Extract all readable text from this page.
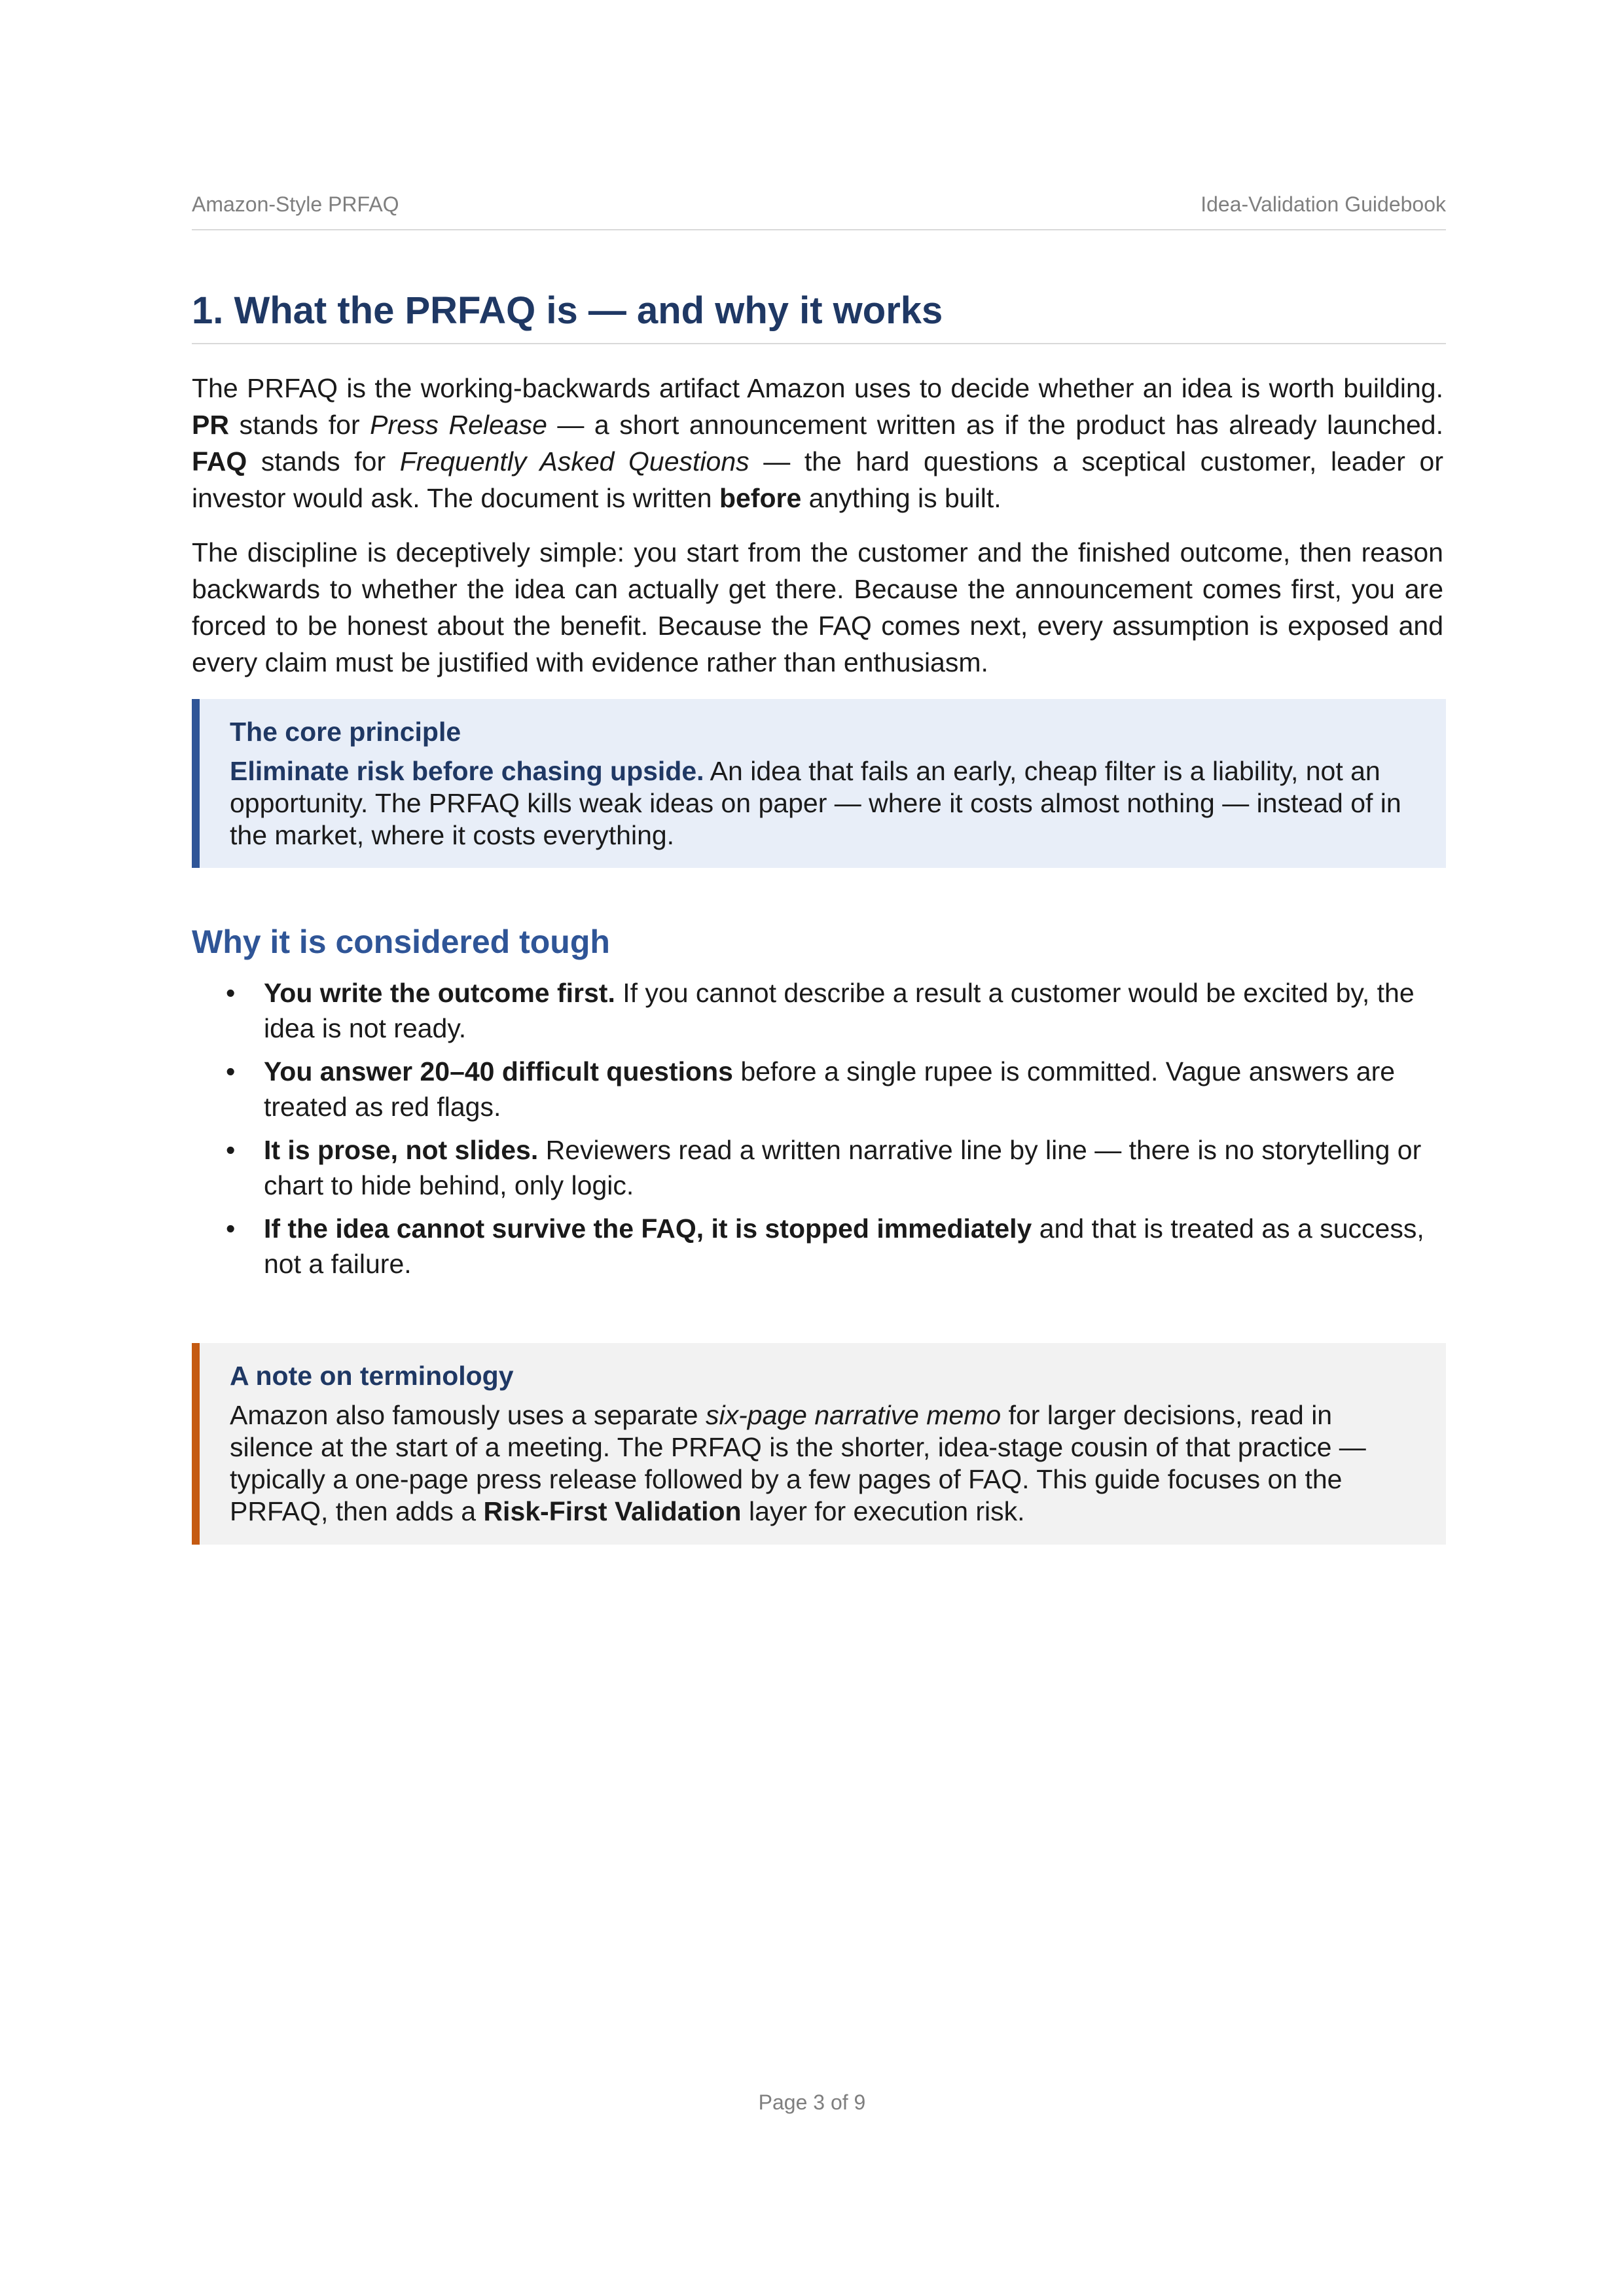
Amazon-Style PRFAQ	Idea-Validation Guidebook
1. What the PRFAQ is — and why it works

The PRFAQ is the working-backwards artifact Amazon uses to decide whether an idea is worth building. PR stands for Press Release — a short announcement written as if the product has already launched. FAQ stands for Frequently Asked Questions — the hard questions a sceptical customer, leader or investor would ask. The document is written before anything is built.

The discipline is deceptively simple: you start from the customer and the finished outcome, then reason backwards to whether the idea can actually get there. Because the announcement comes first, you are forced to be honest about the benefit. Because the FAQ comes next, every assumption is exposed and every claim must be justified with evidence rather than enthusiasm.

The core principle
Eliminate risk before chasing upside. An idea that fails an early, cheap filter is a liability, not an opportunity. The PRFAQ kills weak ideas on paper — where it costs almost nothing — instead of in the market, where it costs everything.
Why it is considered tough
• You write the outcome first. If you cannot describe a result a customer would be excited by, the idea is not ready.
• You answer 20–40 difficult questions before a single rupee is committed. Vague answers are treated as red flags.
• It is prose, not slides. Reviewers read a written narrative line by line — there is no storytelling or chart to hide behind, only logic.
• If the idea cannot survive the FAQ, it is stopped immediately and that is treated as a success, not a failure.
A note on terminology
Amazon also famously uses a separate six-page narrative memo for larger decisions, read in silence at the start of a meeting. The PRFAQ is the shorter, idea-stage cousin of that practice — typically a one-page press release followed by a few pages of FAQ. This guide focuses on the PRFAQ, then adds a Risk-First Validation layer for execution risk.
Page 3 of 9
